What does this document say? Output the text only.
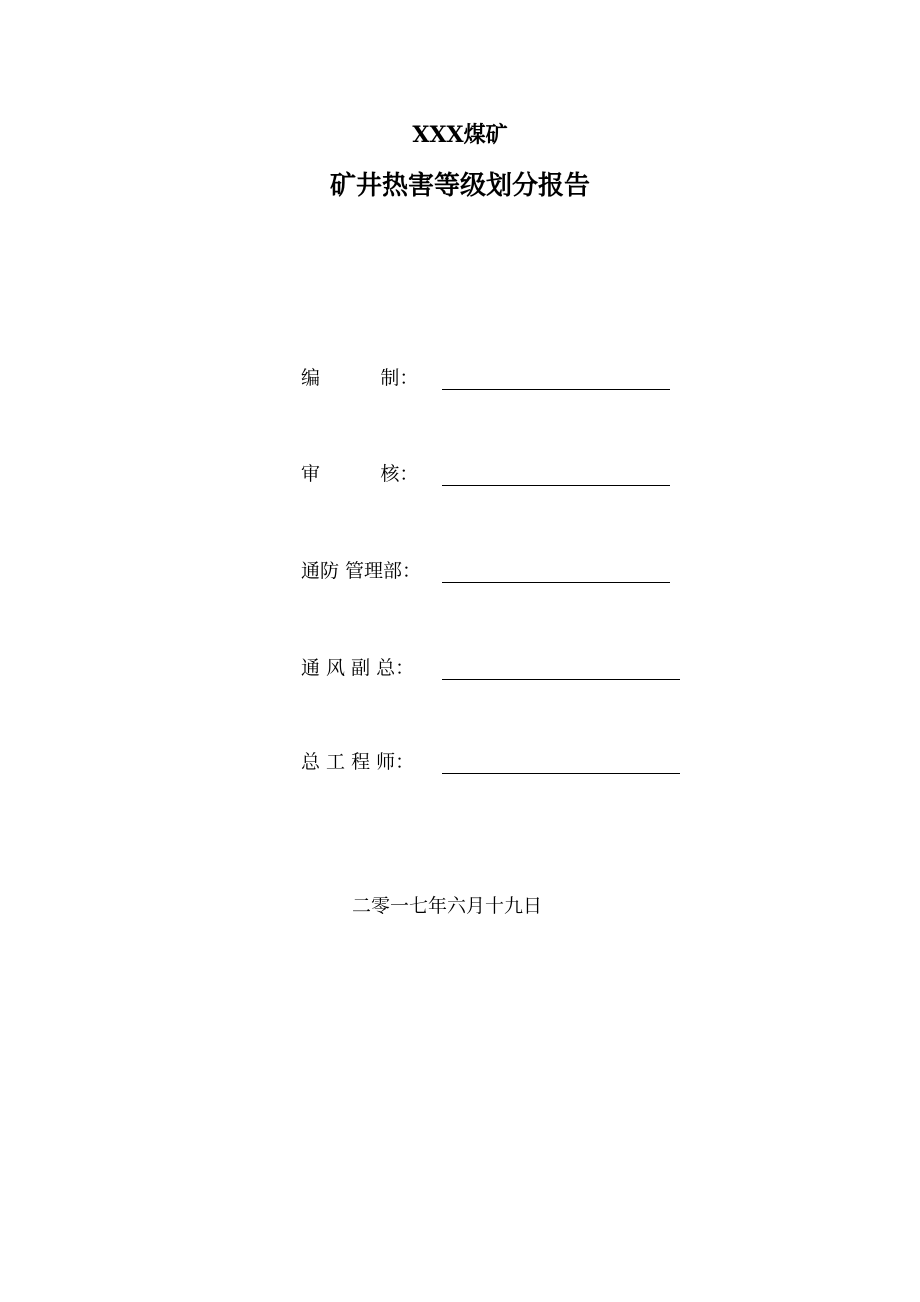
XXX煤矿
矿井热害等级划分报告
编          制：
审          核：
通防 管理部：
通 风 副 总：
总 工 程 师：
二零一七年六月十九日
